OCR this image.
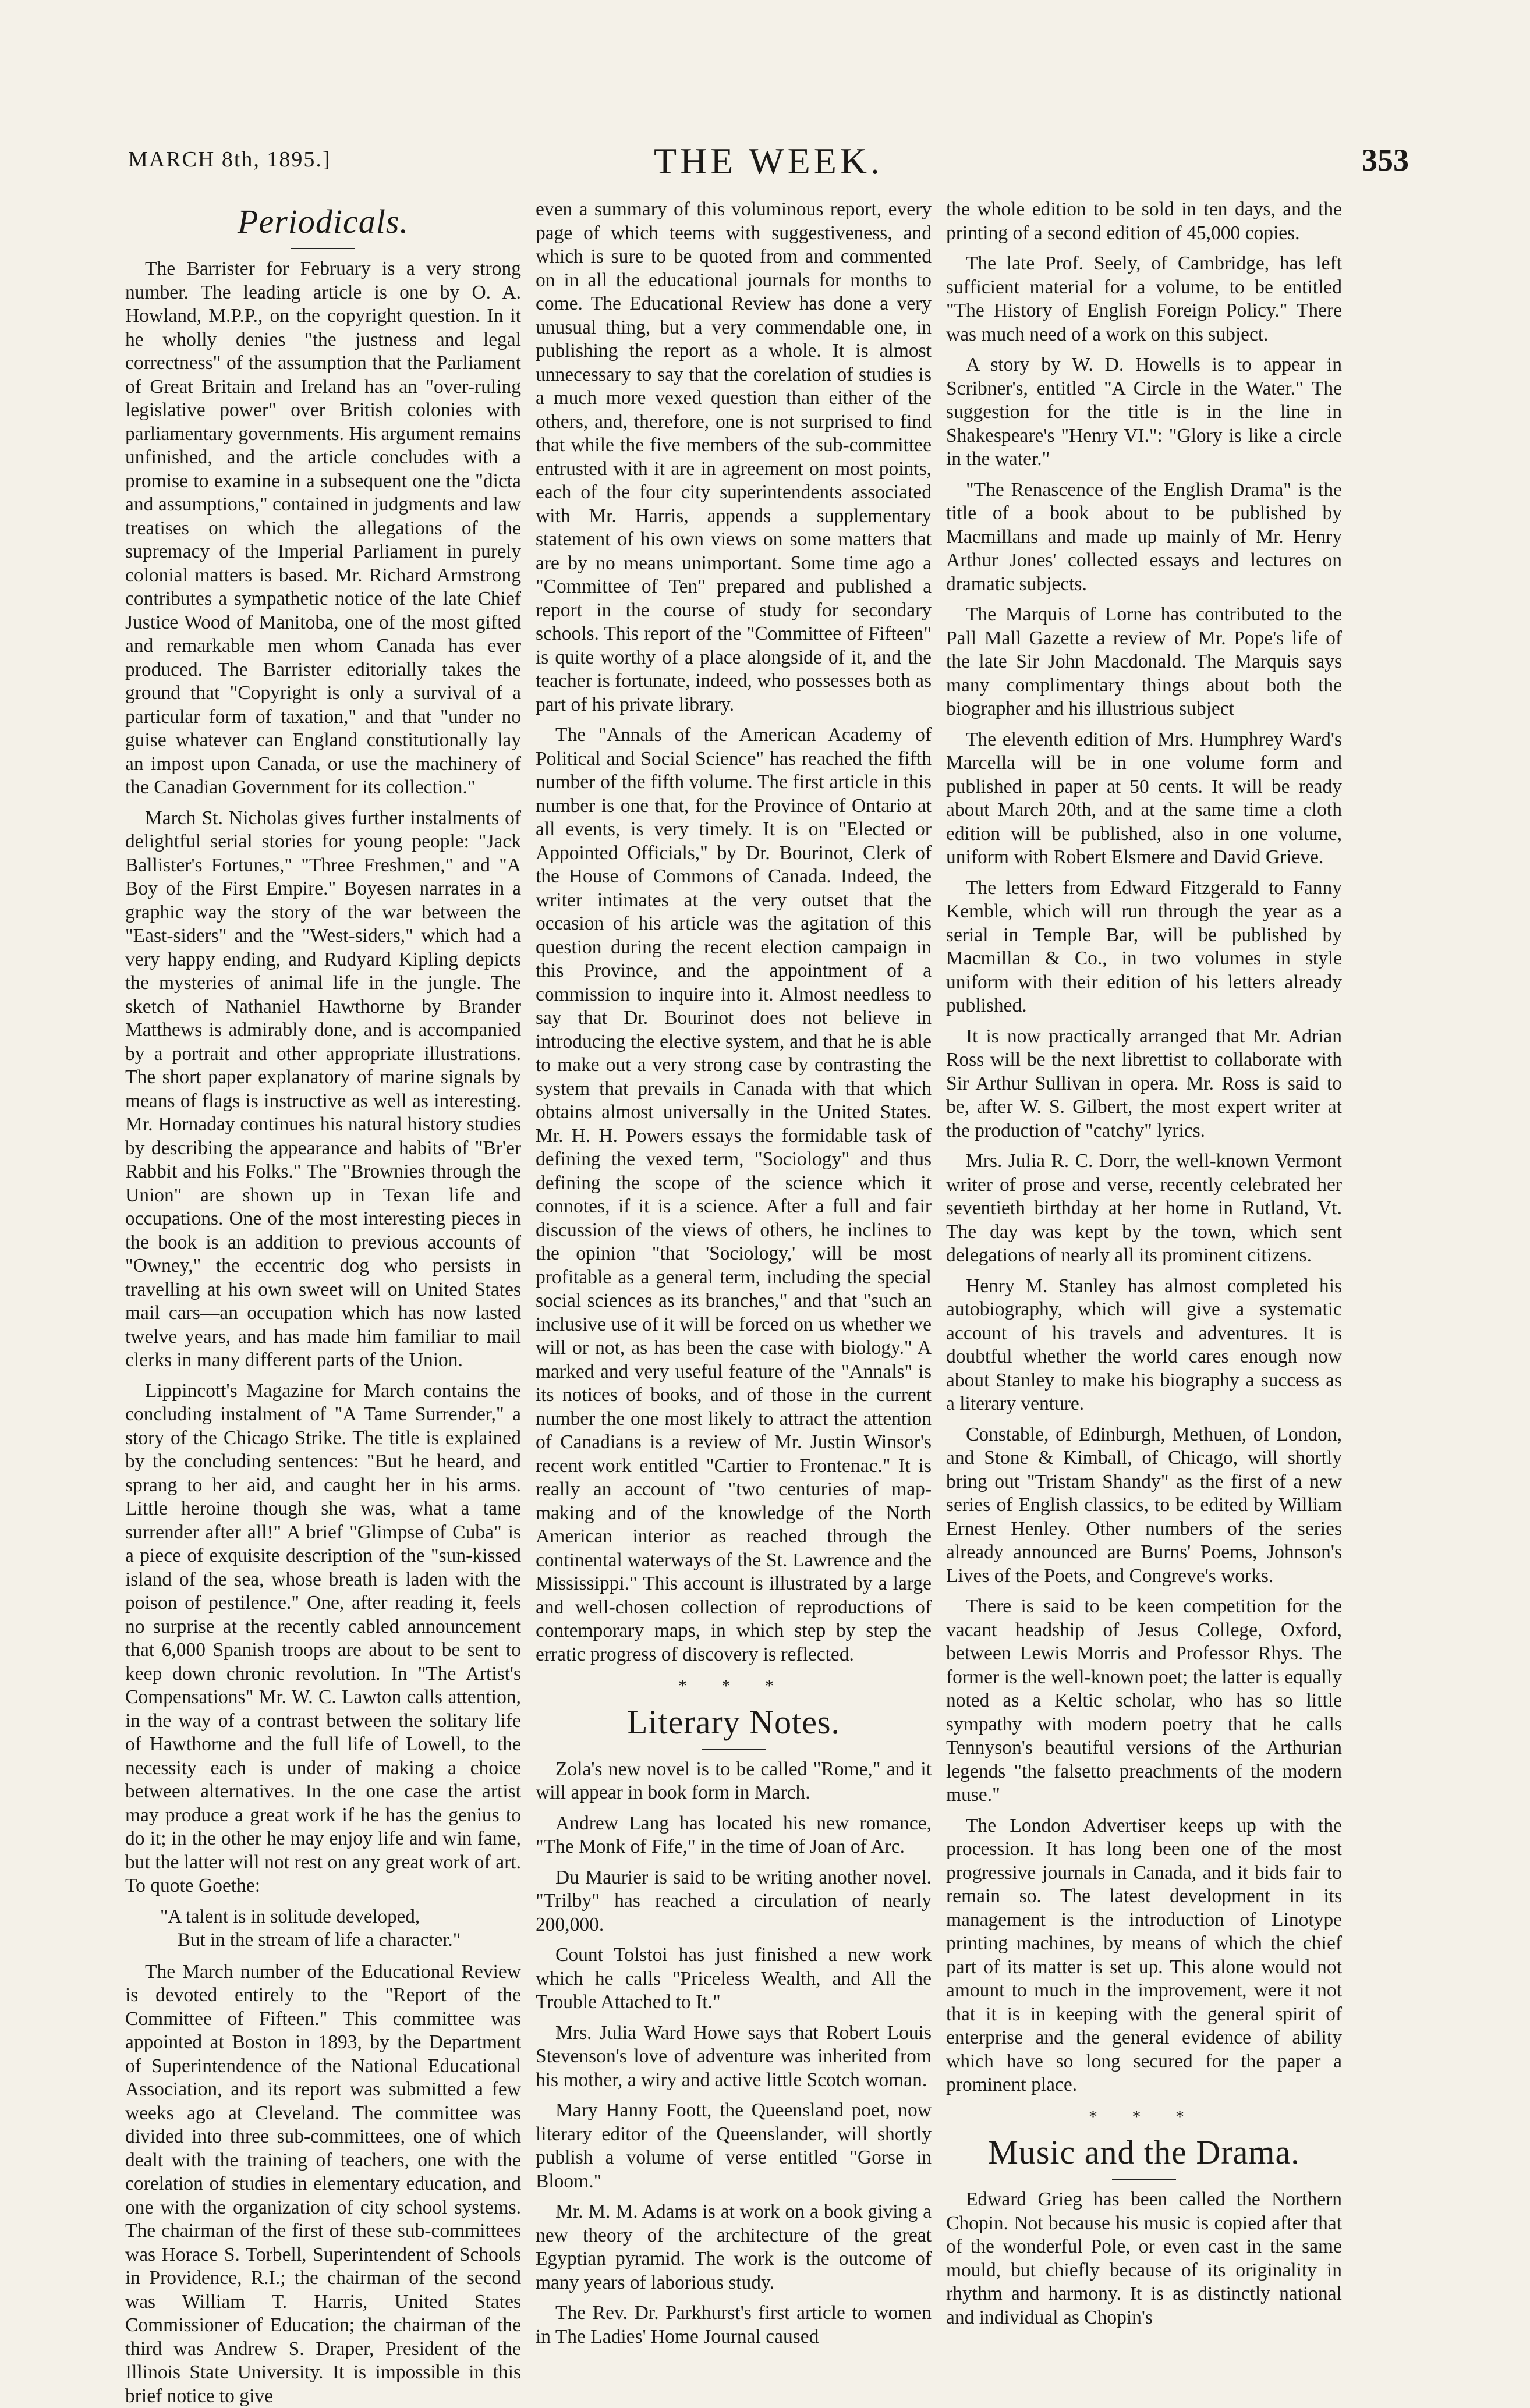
MARCH 8th, 1895.]	THE WEEK.	353
Periodicals.

The Barrister for February is a very strong number. The leading article is one by O. A. Howland, M.P.P., on the copyright question. In it he wholly denies "the justness and legal correctness" of the assumption that the Parliament of Great Britain and Ireland has an "over-ruling legislative power" over British colonies with parliamentary governments. His argument remains unfinished, and the article concludes with a promise to examine in a subsequent one the "dicta and assumptions," contained in judgments and law treatises on which the allegations of the supremacy of the Imperial Parliament in purely colonial matters is based. Mr. Richard Armstrong contributes a sympathetic notice of the late Chief Justice Wood of Manitoba, one of the most gifted and remarkable men whom Canada has ever produced. The Barrister editorially takes the ground that "Copyright is only a survival of a particular form of taxation," and that "under no guise whatever can England constitutionally lay an impost upon Canada, or use the machinery of the Canadian Government for its collection."

March St. Nicholas gives further instalments of delightful serial stories for young people: "Jack Ballister's Fortunes," "Three Freshmen," and "A Boy of the First Empire." Boyesen narrates in a graphic way the story of the war between the "East-siders" and the "West-siders," which had a very happy ending, and Rudyard Kipling depicts the mysteries of animal life in the jungle. The sketch of Nathaniel Hawthorne by Brander Matthews is admirably done, and is accompanied by a portrait and other appropriate illustrations. The short paper explanatory of marine signals by means of flags is instructive as well as interesting. Mr. Hornaday continues his natural history studies by describing the appearance and habits of "Br'er Rabbit and his Folks." The "Brownies through the Union" are shown up in Texan life and occupations. One of the most interesting pieces in the book is an addition to previous accounts of "Owney," the eccentric dog who persists in travelling at his own sweet will on United States mail cars—an occupation which has now lasted twelve years, and has made him familiar to mail clerks in many different parts of the Union.

Lippincott's Magazine for March contains the concluding instalment of "A Tame Surrender," a story of the Chicago Strike. The title is explained by the concluding sentences: "But he heard, and sprang to her aid, and caught her in his arms. Little heroine though she was, what a tame surrender after all!" A brief "Glimpse of Cuba" is a piece of exquisite description of the "sun-kissed island of the sea, whose breath is laden with the poison of pestilence." One, after reading it, feels no surprise at the recently cabled announcement that 6,000 Spanish troops are about to be sent to keep down chronic revolution. In "The Artist's Compensations" Mr. W. C. Lawton calls attention, in the way of a contrast between the solitary life of Hawthorne and the full life of Lowell, to the necessity each is under of making a choice between alternatives. In the one case the artist may produce a great work if he has the genius to do it; in the other he may enjoy life and win fame, but the latter will not rest on any great work of art. To quote Goethe:

"A talent is in solitude developed,
But in the stream of life a character."

The March number of the Educational Review is devoted entirely to the "Report of the Committee of Fifteen." This committee was appointed at Boston in 1893, by the Department of Superintendence of the National Educational Association, and its report was submitted a few weeks ago at Cleveland. The committee was divided into three sub-committees, one of which dealt with the training of teachers, one with the corelation of studies in elementary education, and one with the organization of city school systems. The chairman of the first of these sub-committees was Horace S. Torbell, Superintendent of Schools in Providence, R.I.; the chairman of the second was William T. Harris, United States Commissioner of Education; the chairman of the third was Andrew S. Draper, President of the Illinois State University. It is impossible in this brief notice to give

even a summary of this voluminous report, every page of which teems with suggestiveness, and which is sure to be quoted from and commented on in all the educational journals for months to come. The Educational Review has done a very unusual thing, but a very commendable one, in publishing the report as a whole. It is almost unnecessary to say that the corelation of studies is a much more vexed question than either of the others, and, therefore, one is not surprised to find that while the five members of the sub-committee entrusted with it are in agreement on most points, each of the four city superintendents associated with Mr. Harris, appends a supplementary statement of his own views on some matters that are by no means unimportant. Some time ago a "Committee of Ten" prepared and published a report in the course of study for secondary schools. This report of the "Committee of Fifteen" is quite worthy of a place alongside of it, and the teacher is fortunate, indeed, who possesses both as part of his private library.

The "Annals of the American Academy of Political and Social Science" has reached the fifth number of the fifth volume. The first article in this number is one that, for the Province of Ontario at all events, is very timely. It is on "Elected or Appointed Officials," by Dr. Bourinot, Clerk of the House of Commons of Canada. Indeed, the writer intimates at the very outset that the occasion of his article was the agitation of this question during the recent election campaign in this Province, and the appointment of a commission to inquire into it. Almost needless to say that Dr. Bourinot does not believe in introducing the elective system, and that he is able to make out a very strong case by contrasting the system that prevails in Canada with that which obtains almost universally in the United States. Mr. H. H. Powers essays the formidable task of defining the vexed term, "Sociology" and thus defining the scope of the science which it connotes, if it is a science. After a full and fair discussion of the views of others, he inclines to the opinion "that 'Sociology,' will be most profitable as a general term, including the special social sciences as its branches," and that "such an inclusive use of it will be forced on us whether we will or not, as has been the case with biology." A marked and very useful feature of the "Annals" is its notices of books, and of those in the current number the one most likely to attract the attention of Canadians is a review of Mr. Justin Winsor's recent work entitled "Cartier to Frontenac." It is really an account of "two centuries of map-making and of the knowledge of the North American interior as reached through the continental waterways of the St. Lawrence and the Mississippi." This account is illustrated by a large and well-chosen collection of reproductions of contemporary maps, in which step by step the erratic progress of discovery is reflected.

* * *
Literary Notes.

Zola's new novel is to be called "Rome," and it will appear in book form in March.

Andrew Lang has located his new romance, "The Monk of Fife," in the time of Joan of Arc.

Du Maurier is said to be writing another novel. "Trilby" has reached a circulation of nearly 200,000.

Count Tolstoi has just finished a new work which he calls "Priceless Wealth, and All the Trouble Attached to It."

Mrs. Julia Ward Howe says that Robert Louis Stevenson's love of adventure was inherited from his mother, a wiry and active little Scotch woman.

Mary Hanny Foott, the Queensland poet, now literary editor of the Queenslander, will shortly publish a volume of verse entitled "Gorse in Bloom."

Mr. M. M. Adams is at work on a book giving a new theory of the architecture of the great Egyptian pyramid. The work is the outcome of many years of laborious study.

The Rev. Dr. Parkhurst's first article to women in The Ladies' Home Journal caused

the whole edition to be sold in ten days, and the printing of a second edition of 45,000 copies.

The late Prof. Seely, of Cambridge, has left sufficient material for a volume, to be entitled "The History of English Foreign Policy." There was much need of a work on this subject.

A story by W. D. Howells is to appear in Scribner's, entitled "A Circle in the Water." The suggestion for the title is in the line in Shakespeare's "Henry VI.": "Glory is like a circle in the water."

"The Renascence of the English Drama" is the title of a book about to be published by Macmillans and made up mainly of Mr. Henry Arthur Jones' collected essays and lectures on dramatic subjects.

The Marquis of Lorne has contributed to the Pall Mall Gazette a review of Mr. Pope's life of the late Sir John Macdonald. The Marquis says many complimentary things about both the biographer and his illustrious subject

The eleventh edition of Mrs. Humphrey Ward's Marcella will be in one volume form and published in paper at 50 cents. It will be ready about March 20th, and at the same time a cloth edition will be published, also in one volume, uniform with Robert Elsmere and David Grieve.

The letters from Edward Fitzgerald to Fanny Kemble, which will run through the year as a serial in Temple Bar, will be published by Macmillan & Co., in two volumes in style uniform with their edition of his letters already published.

It is now practically arranged that Mr. Adrian Ross will be the next librettist to collaborate with Sir Arthur Sullivan in opera. Mr. Ross is said to be, after W. S. Gilbert, the most expert writer at the production of "catchy" lyrics.

Mrs. Julia R. C. Dorr, the well-known Vermont writer of prose and verse, recently celebrated her seventieth birthday at her home in Rutland, Vt. The day was kept by the town, which sent delegations of nearly all its prominent citizens.

Henry M. Stanley has almost completed his autobiography, which will give a systematic account of his travels and adventures. It is doubtful whether the world cares enough now about Stanley to make his biography a success as a literary venture.

Constable, of Edinburgh, Methuen, of London, and Stone & Kimball, of Chicago, will shortly bring out "Tristam Shandy" as the first of a new series of English classics, to be edited by William Ernest Henley. Other numbers of the series already announced are Burns' Poems, Johnson's Lives of the Poets, and Congreve's works.

There is said to be keen competition for the vacant headship of Jesus College, Oxford, between Lewis Morris and Professor Rhys. The former is the well-known poet; the latter is equally noted as a Keltic scholar, who has so little sympathy with modern poetry that he calls Tennyson's beautiful versions of the Arthurian legends "the falsetto preachments of the modern muse."

The London Advertiser keeps up with the procession. It has long been one of the most progressive journals in Canada, and it bids fair to remain so. The latest development in its management is the introduction of Linotype printing machines, by means of which the chief part of its matter is set up. This alone would not amount to much in the improvement, were it not that it is in keeping with the general spirit of enterprise and the general evidence of ability which have so long secured for the paper a prominent place.

* * *
Music and the Drama.

Edward Grieg has been called the Northern Chopin. Not because his music is copied after that of the wonderful Pole, or even cast in the same mould, but chiefly because of its originality in rhythm and harmony. It is as distinctly national and individual as Chopin's
